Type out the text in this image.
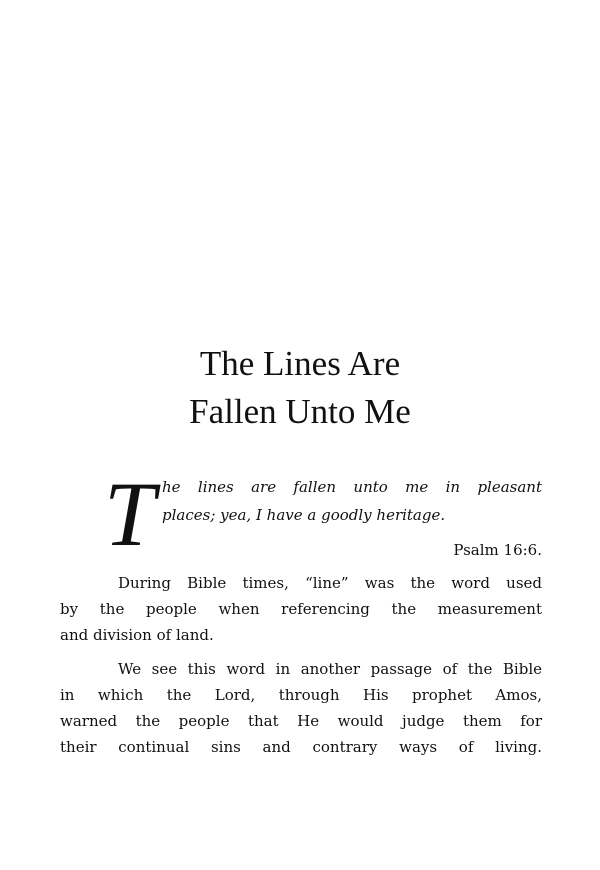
The Lines Are
Fallen Unto Me
T he lines are fallen unto me in pleasant
places; yea, I have a goodly heritage.
Psalm 16:6.
During Bible times, “line” was the word used
by the people when referencing the measurement
and division of land.
We see this word in another passage of the Bible
in which the Lord, through His prophet Amos,
warned the people that He would judge them for
their continual sins and contrary ways of living.
